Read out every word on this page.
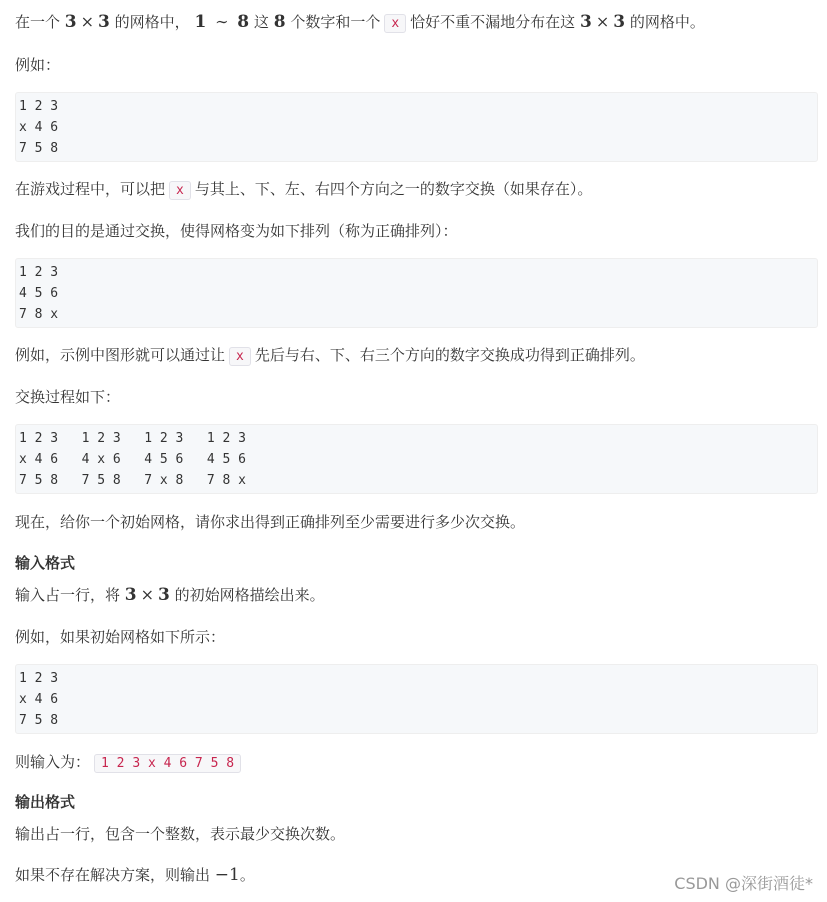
在一个 3 × 3 的网格中， 1 ∼ 8 这 8 个数字和一个 x 恰好不重不漏地分布在这 3 × 3 的网格中。

例如：

1 2 3
x 4 6
7 5 8

在游戏过程中，可以把 x 与其上、下、左、右四个方向之一的数字交换（如果存在）。

我们的目的是通过交换，使得网格变为如下排列（称为正确排列）：

1 2 3
4 5 6
7 8 x

例如，示例中图形就可以通过让 x 先后与右、下、右三个方向的数字交换成功得到正确排列。

交换过程如下：

1 2 3   1 2 3   1 2 3   1 2 3
x 4 6   4 x 6   4 5 6   4 5 6
7 5 8   7 5 8   7 x 8   7 8 x

现在，给你一个初始网格，请你求出得到正确排列至少需要进行多少次交换。

输入格式

输入占一行，将 3 × 3 的初始网格描绘出来。

例如，如果初始网格如下所示：

1 2 3
x 4 6
7 5 8

则输入为： 1 2 3 x 4 6 7 5 8

输出格式

输出占一行，包含一个整数，表示最少交换次数。

如果不存在解决方案，则输出 −1。	CSDN @深街酒徒*
